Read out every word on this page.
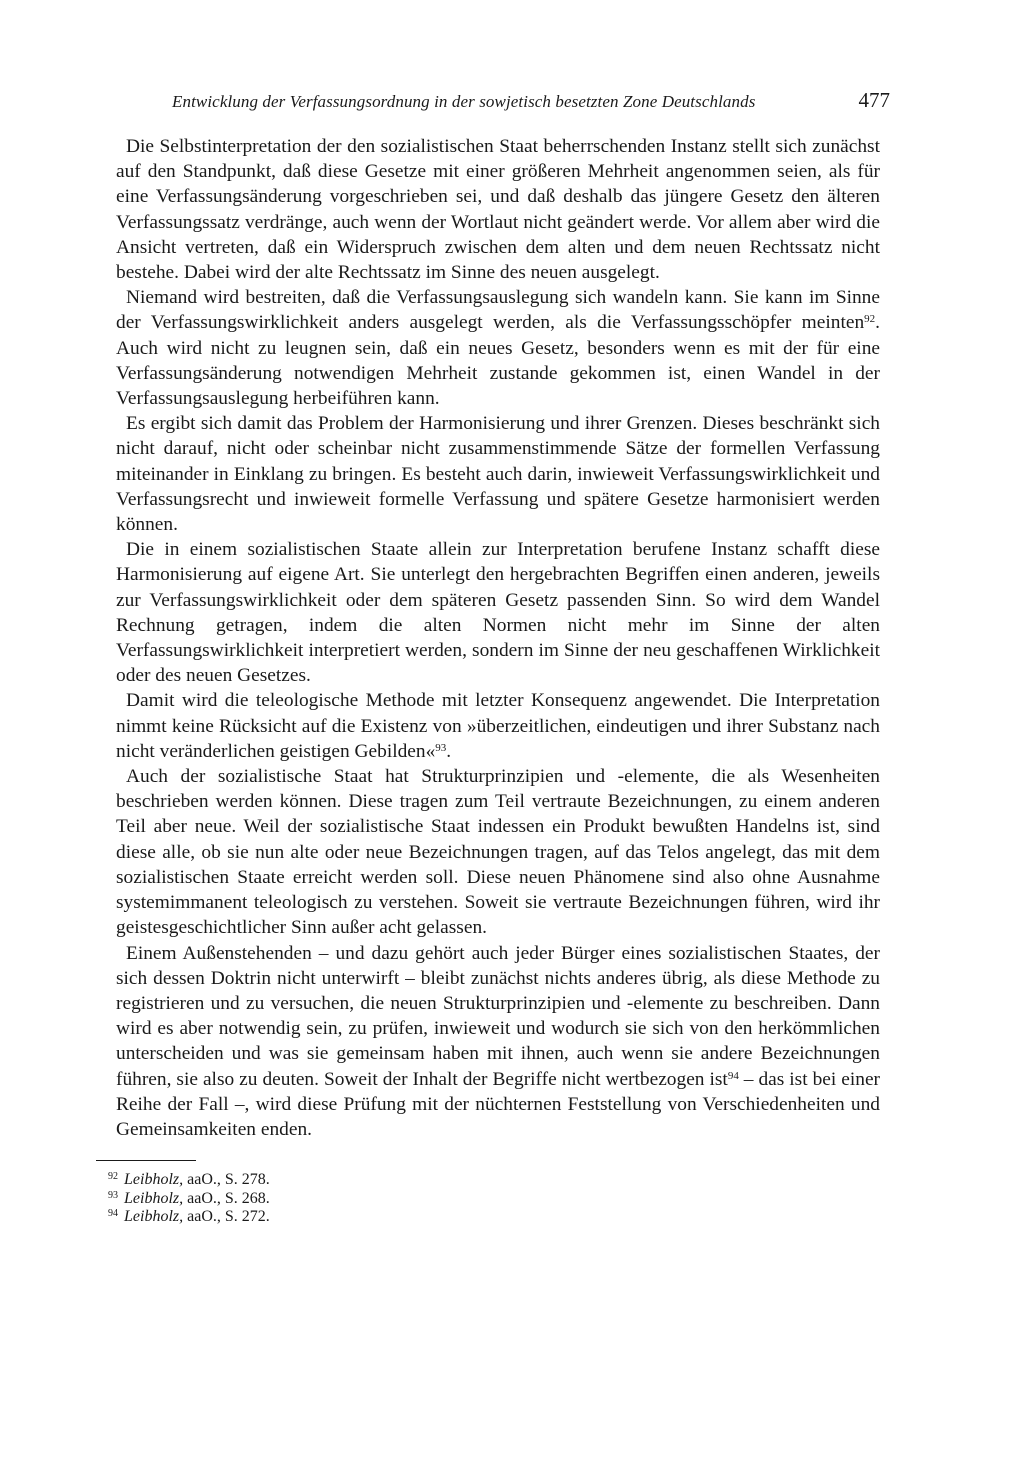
Entwicklung der Verfassungsordnung in der sowjetisch besetzten Zone Deutschlands	477

Die Selbstinterpretation der den sozialistischen Staat beherrschenden Instanz stellt sich zunächst auf den Standpunkt, daß diese Gesetze mit einer größeren Mehrheit angenommen seien, als für eine Verfassungsänderung vorgeschrieben sei, und daß deshalb das jüngere Gesetz den älteren Verfassungssatz verdränge, auch wenn der Wortlaut nicht geändert werde. Vor allem aber wird die Ansicht vertreten, daß ein Widerspruch zwischen dem alten und dem neuen Rechtssatz nicht bestehe. Dabei wird der alte Rechtssatz im Sinne des neuen ausgelegt.

Niemand wird bestreiten, daß die Verfassungsauslegung sich wandeln kann. Sie kann im Sinne der Verfassungswirklichkeit anders ausgelegt werden, als die Verfassungsschöpfer meinten$^{92}$. Auch wird nicht zu leugnen sein, daß ein neues Gesetz, besonders wenn es mit der für eine Verfassungsänderung notwendigen Mehrheit zustande gekommen ist, einen Wandel in der Verfassungsauslegung herbeiführen kann.

Es ergibt sich damit das Problem der Harmonisierung und ihrer Grenzen. Dieses beschränkt sich nicht darauf, nicht oder scheinbar nicht zusammenstimmende Sätze der formellen Verfassung miteinander in Einklang zu bringen. Es besteht auch darin, inwieweit Verfassungswirklichkeit und Verfassungsrecht und inwieweit formelle Verfassung und spätere Gesetze harmonisiert werden können.

Die in einem sozialistischen Staate allein zur Interpretation berufene Instanz schafft diese Harmonisierung auf eigene Art. Sie unterlegt den hergebrachten Begriffen einen anderen, jeweils zur Verfassungswirklichkeit oder dem späteren Gesetz passenden Sinn. So wird dem Wandel Rechnung getragen, indem die alten Normen nicht mehr im Sinne der alten Verfassungswirklichkeit interpretiert werden, sondern im Sinne der neu geschaffenen Wirklichkeit oder des neuen Gesetzes.

Damit wird die teleologische Methode mit letzter Konsequenz angewendet. Die Interpretation nimmt keine Rücksicht auf die Existenz von »überzeitlichen, eindeutigen und ihrer Substanz nach nicht veränderlichen geistigen Gebilden«$^{93}$.

Auch der sozialistische Staat hat Strukturprinzipien und -elemente, die als Wesenheiten beschrieben werden können. Diese tragen zum Teil vertraute Bezeichnungen, zu einem anderen Teil aber neue. Weil der sozialistische Staat indessen ein Produkt bewußten Handelns ist, sind diese alle, ob sie nun alte oder neue Bezeichnungen tragen, auf das Telos angelegt, das mit dem sozialistischen Staate erreicht werden soll. Diese neuen Phänomene sind also ohne Ausnahme systemimmanent teleologisch zu verstehen. Soweit sie vertraute Bezeichnungen führen, wird ihr geistesgeschichtlicher Sinn außer acht gelassen.

Einem Außenstehenden – und dazu gehört auch jeder Bürger eines sozialistischen Staates, der sich dessen Doktrin nicht unterwirft – bleibt zunächst nichts anderes übrig, als diese Methode zu registrieren und zu versuchen, die neuen Strukturprinzipien und -elemente zu beschreiben. Dann wird es aber notwendig sein, zu prüfen, inwieweit und wodurch sie sich von den herkömmlichen unterscheiden und was sie gemeinsam haben mit ihnen, auch wenn sie andere Bezeichnungen führen, sie also zu deuten. Soweit der Inhalt der Begriffe nicht wertbezogen ist$^{94}$ – das ist bei einer Reihe der Fall –, wird diese Prüfung mit der nüchternen Feststellung von Verschiedenheiten und Gemeinsamkeiten enden.

$^{92}$ Leibholz, aaO., S. 278.

$^{93}$ Leibholz, aaO., S. 268.

$^{94}$ Leibholz, aaO., S. 272.
